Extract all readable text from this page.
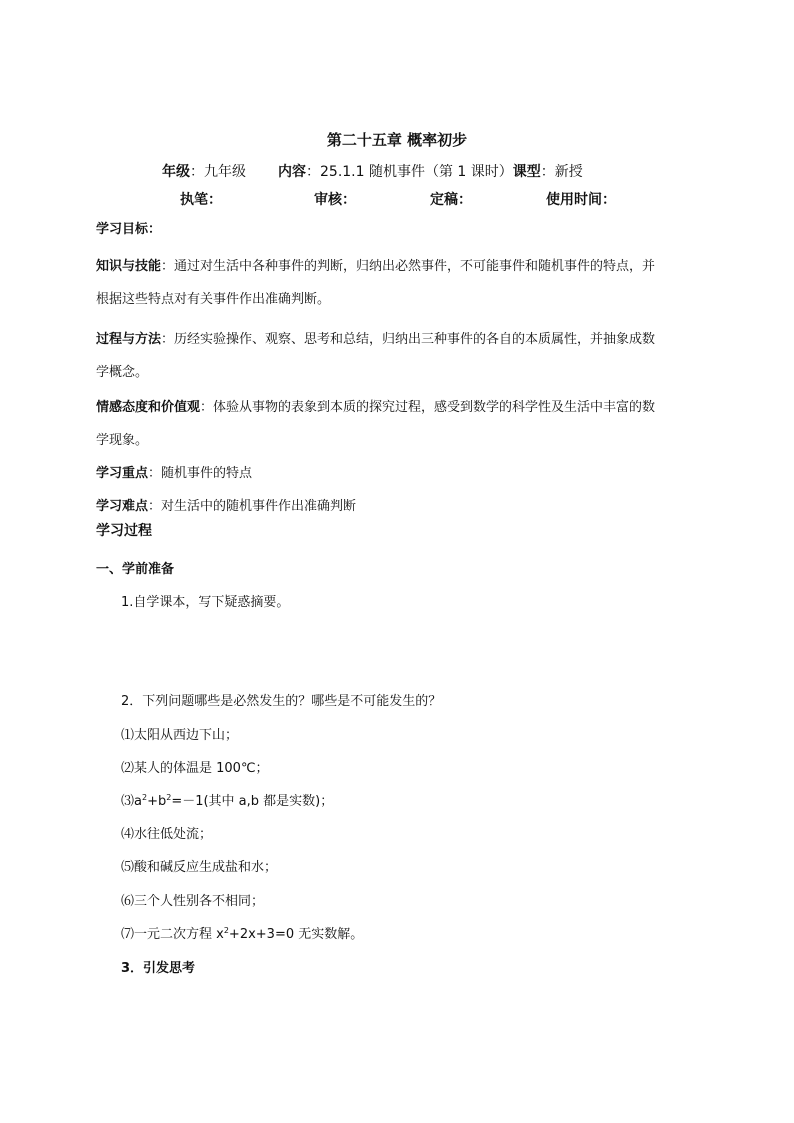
第二十五章 概率初步
年级：九年级 内容：25.1.1 随机事件（第 1 课时）课型：新授
执笔：	审核：	定稿：	使用时间：
学习目标：
知识与技能：通过对生活中各种事件的判断，归纳出必然事件，不可能事件和随机事件的特点，并
根据这些特点对有关事件作出准确判断。
过程与方法：历经实验操作、观察、思考和总结，归纳出三种事件的各自的本质属性，并抽象成数
学概念。
情感态度和价值观：体验从事物的表象到本质的探究过程，感受到数学的科学性及生活中丰富的数
学现象。
学习重点：随机事件的特点
学习难点：对生活中的随机事件作出准确判断
学习过程
一、学前准备
1.自学课本，写下疑惑摘要。
2．下列问题哪些是必然发生的？哪些是不可能发生的？
⑴太阳从西边下山；
⑵某人的体温是 100℃；
$⑶a^2+b^2=-1$(其中 a,b 都是实数)；
⑷水往低处流；
⑸酸和碱反应生成盐和水；
⑹三个人性别各不相同；
⑺一元二次方程 $x^2+2x+3=0$ 无实数解。
3．引发思考
